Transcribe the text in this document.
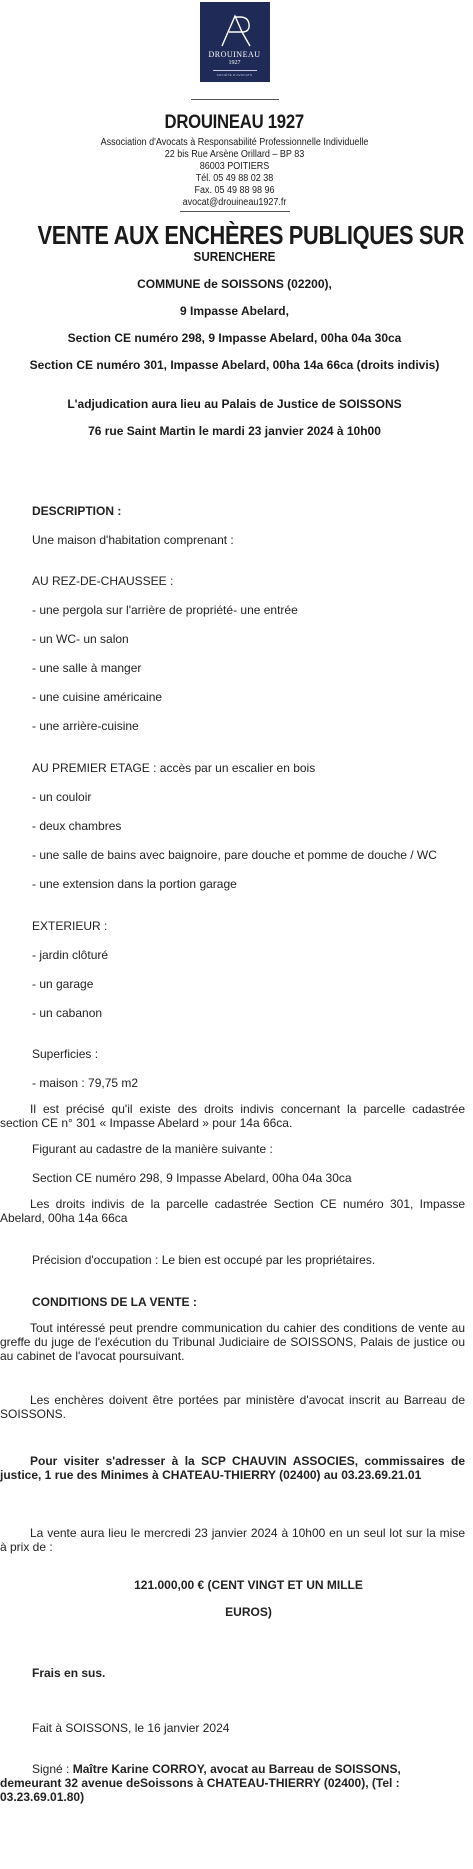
DROUINEAU
1927
SOCIÉTÉ D'AVOCATS
DROUINEAU 1927
Association d'Avocats à Responsabilité Professionnelle Individuelle
22 bis Rue Arsène Orillard – BP 83
86003 POITIERS
Tél. 05 49 88 02 38
Fax. 05 49 88 98 96
avocat@drouineau1927.fr
VENTE AUX ENCHÈRES PUBLIQUES SUR
SURENCHERE
COMMUNE de SOISSONS (02200),
9 Impasse Abelard,
Section CE numéro 298, 9 Impasse Abelard, 00ha 04a 30ca
Section CE numéro 301, Impasse Abelard, 00ha 14a 66ca (droits indivis)
L'adjudication aura lieu au Palais de Justice de SOISSONS
76 rue Saint Martin le mardi 23 janvier 2024 à 10h00
DESCRIPTION :
Une maison d'habitation comprenant :
AU REZ-DE-CHAUSSEE :
- une pergola sur l'arrière de propriété- une entrée
- un WC- un salon
- une salle à manger
- une cuisine américaine
- une arrière-cuisine
AU PREMIER ETAGE : accès par un escalier en bois
- un couloir
- deux chambres
- une salle de bains avec baignoire, pare douche et pomme de douche / WC
- une extension dans la portion garage
EXTERIEUR :
- jardin clôturé
- un garage
- un cabanon
Superficies :
- maison : 79,75 m2
Il est précisé qu'il existe des droits indivis concernant la parcelle cadastrée section CE n° 301 « Impasse Abelard » pour 14a 66ca.
Figurant au cadastre de la manière suivante :
Section CE numéro 298, 9 Impasse Abelard, 00ha 04a 30ca
Les droits indivis de la parcelle cadastrée Section CE numéro 301, Impasse Abelard, 00ha 14a 66ca
Précision d'occupation : Le bien est occupé par les propriétaires.
CONDITIONS DE LA VENTE :
Tout intéressé peut prendre communication du cahier des conditions de vente au greffe du juge de l'exécution du Tribunal Judiciaire de SOISSONS, Palais de justice ou au cabinet de l'avocat poursuivant.
Les enchères doivent être portées par ministère d'avocat inscrit au Barreau de SOISSONS.
Pour visiter s'adresser à la SCP CHAUVIN ASSOCIES, commissaires de justice, 1 rue des Minimes à CHATEAU-THIERRY (02400) au 03.23.69.21.01
La vente aura lieu le mercredi 23 janvier 2024 à 10h00 en un seul lot sur la mise à prix de :
121.000,00 € (CENT VINGT ET UN MILLE
EUROS)
Frais en sus.
Fait à SOISSONS, le 16 janvier 2024
Signé : Maître Karine CORROY, avocat au Barreau de SOISSONS, demeurant 32 avenue deSoissons à CHATEAU-THIERRY (02400), (Tel : 03.23.69.01.80)
